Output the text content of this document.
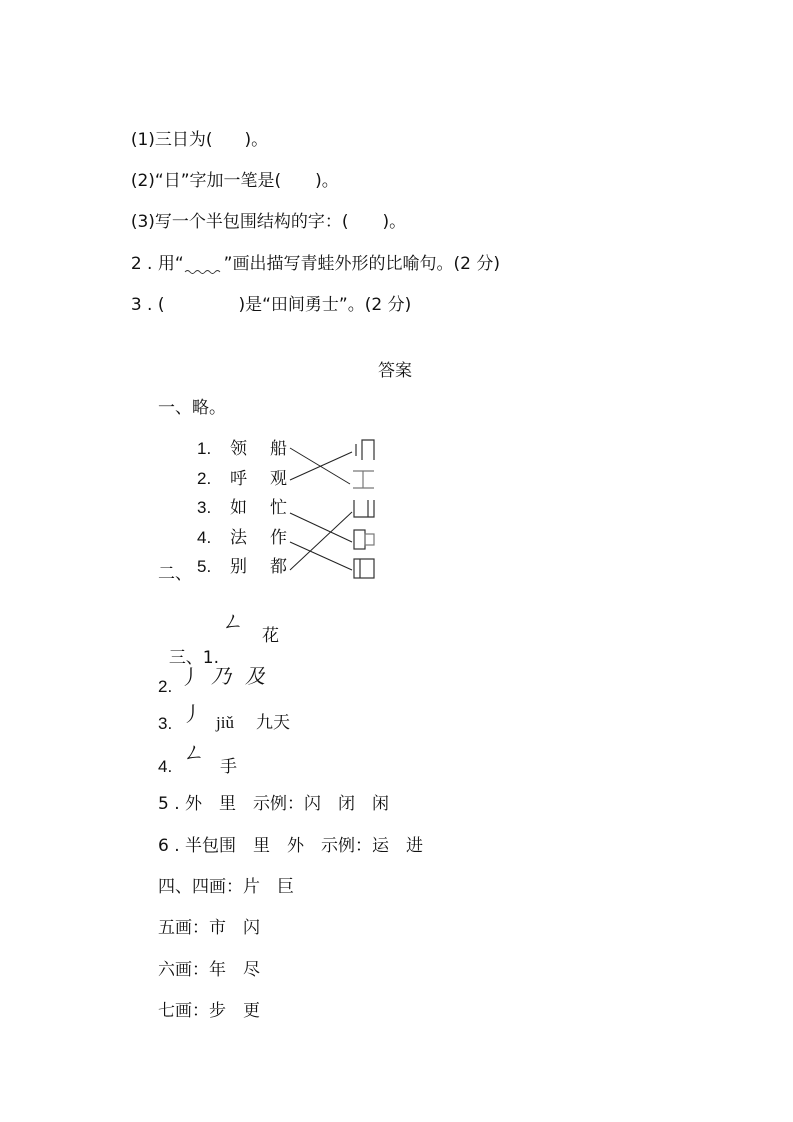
(1)三日为( )。

(2)“日”字加一笔是( )。

(3)写一个半包围结构的字：( )。

2 . 用“ ”画出描写青蛙外形的比喻句。(2 分)

3 . (	)是“田间勇士”。(2 分)

答案
一、略。
二、
1. 领 船
2. 呼 观
3. 如 忙
4. 法 作
5. 别 都

三、1.

ㄥ
花
2. 丿 乃 及
3. 丿 jiǔ 九天
4.
ㄥ
手
5 . 外　里　示例：闪　闭　闲
6 . 半包围　里　外　示例：运　进
四、四画：片　巨
五画：市　闪
六画：年　尽
七画：步　更
